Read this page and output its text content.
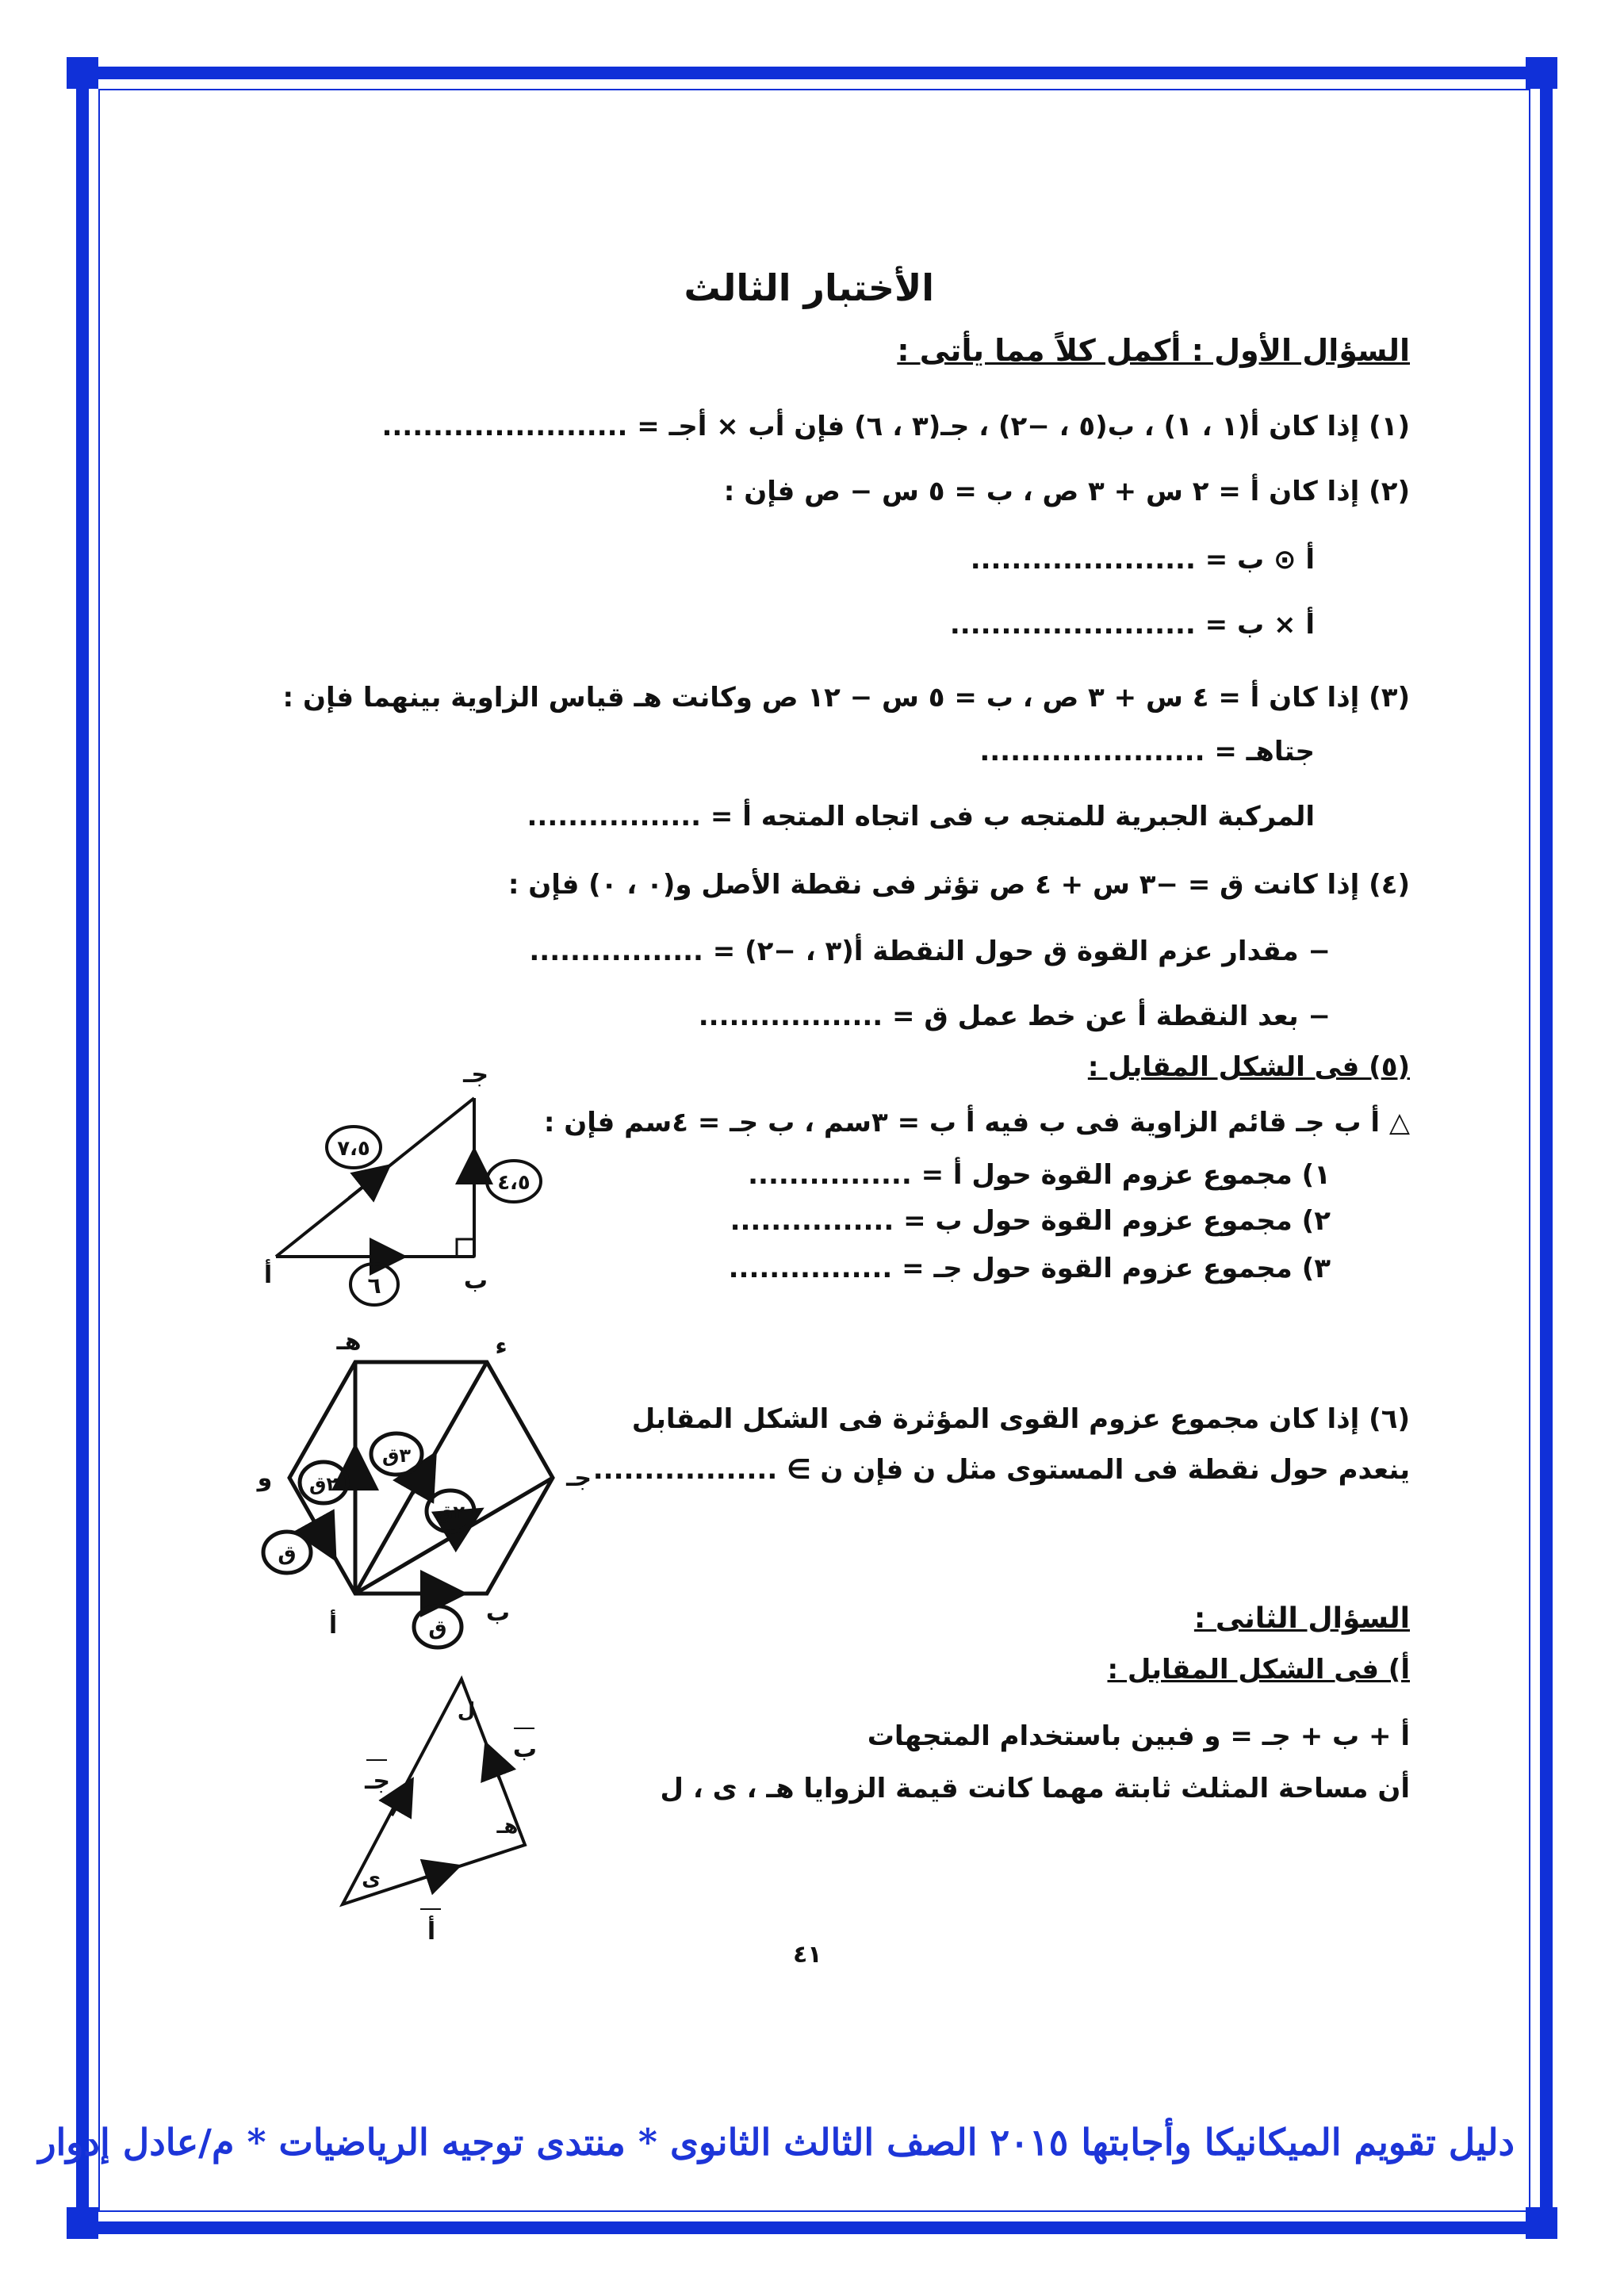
الأختبار الثالث
السؤال الأول : أكمل كلاً مما يأتى :
(١) إذا كان أ(١ ، ١) ، ب(٥ ، −٢) ، جـ(٣ ، ٦) فإن أب × أجـ = ........................
(٢) إذا كان أ = ٢ س + ٣ ص ، ب = ٥ س − ص فإن :
أ ⊙ ب = ......................
أ × ب = ........................
(٣) إذا كان أ = ٤ س + ٣ ص ، ب = ٥ س − ١٢ ص وكانت هـ قياس الزاوية بينهما فإن :
جتاهـ = ......................
المركبة الجبرية للمتجه ب فى اتجاه المتجه أ = .................
(٤) إذا كانت ق = −٣ س + ٤ ص تؤثر فى نقطة الأصل و(٠ ، ٠) فإن :
− مقدار عزم القوة ق حول النقطة أ(٣ ، −٢) = .................
− بعد النقطة أ عن خط عمل ق = ..................
(٥) فى الشكل المقابل :
△ أ ب جـ قائم الزاوية فى ب فيه أ ب = ٣سم ، ب جـ = ٤سم فإن :
١) مجموع عزوم القوة حول أ = ................
٢) مجموع عزوم القوة حول ب = ................
٣) مجموع عزوم القوة حول جـ = ................
(٦) إذا كان مجموع عزوم القوى المؤثرة فى الشكل المقابل
ينعدم حول نقطة فى المستوى مثل ن فإن ن ∋ ..................
السؤال الثانى :
أ) فى الشكل المقابل :
أ + ب + جـ = و فبين باستخدام المتجهات
أن مساحة المثلث ثابتة مهما كانت قيمة الزوايا هـ ، ى ، ل
٤١
أ	ب
جـ
٦
٤،٥
٧،٥
أ	ب
جـ
ء
هـ
و
ق
ق
٢ق
٣ق
٢ق
أ
ب
جـ
هـ
ى
ل
دليل تقويم الميكانيكا وأجابتها ٢٠١٥ الصف الثالث الثانوى * منتدى توجيه الرياضيات * م/عادل إدوار
